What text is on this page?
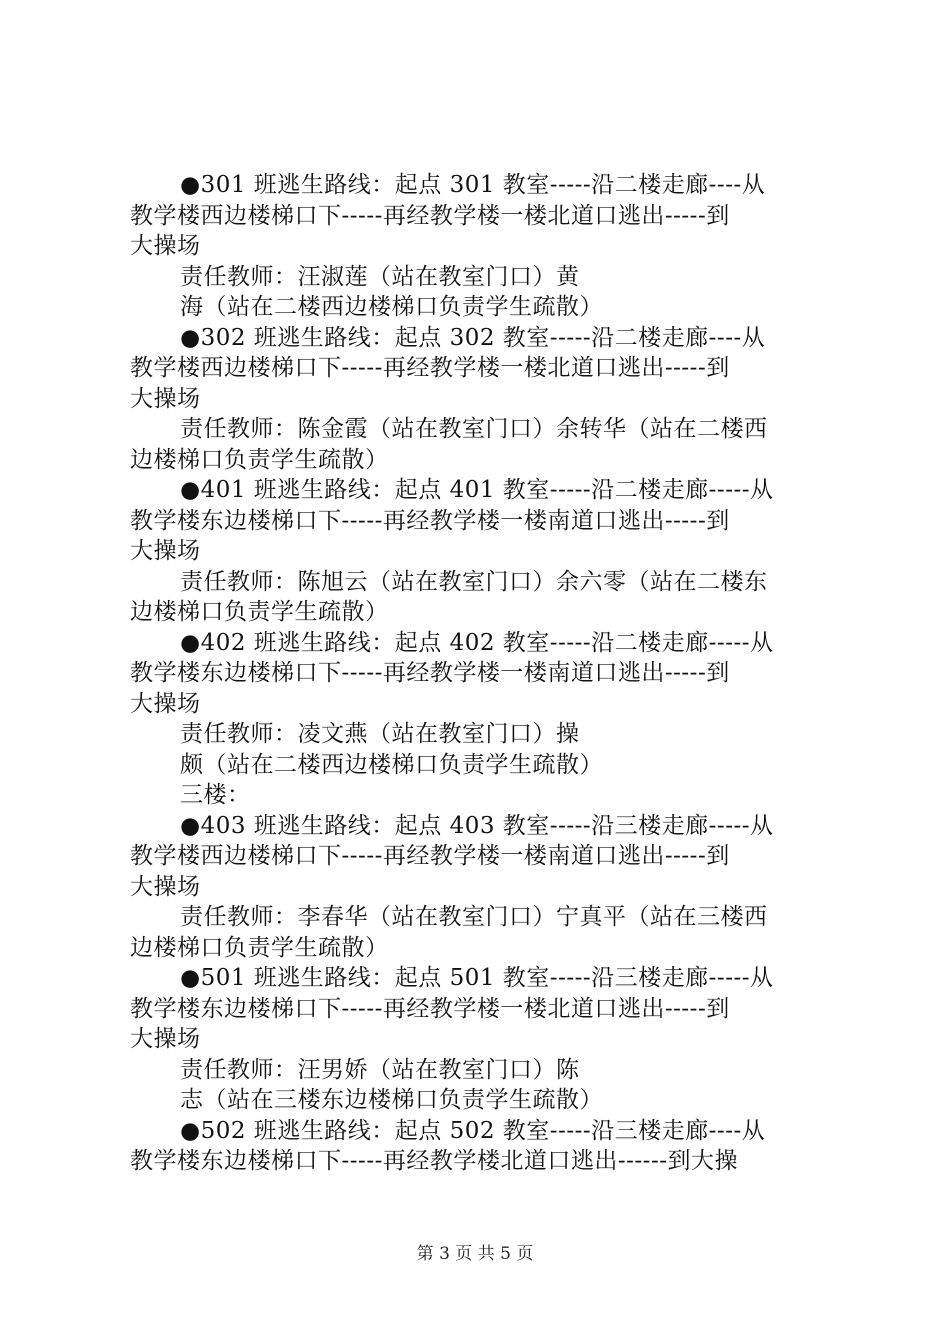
●301 班逃生路线：起点 301 教室-----沿二楼走廊----从
教学楼西边楼梯口下-----再经教学楼一楼北道口逃出-----到
大操场
责任教师：汪淑莲（站在教室门口）黄
海（站在二楼西边楼梯口负责学生疏散）
●302 班逃生路线：起点 302 教室-----沿二楼走廊----从
教学楼西边楼梯口下-----再经教学楼一楼北道口逃出-----到
大操场
责任教师：陈金霞（站在教室门口）余转华（站在二楼西
边楼梯口负责学生疏散）
●401 班逃生路线：起点 401 教室-----沿二楼走廊-----从
教学楼东边楼梯口下-----再经教学楼一楼南道口逃出-----到
大操场
责任教师：陈旭云（站在教室门口）余六零（站在二楼东
边楼梯口负责学生疏散）
●402 班逃生路线：起点 402 教室-----沿二楼走廊-----从
教学楼东边楼梯口下-----再经教学楼一楼南道口逃出-----到
大操场
责任教师：凌文燕（站在教室门口）操
颇（站在二楼西边楼梯口负责学生疏散）
三楼：
●403 班逃生路线：起点 403 教室-----沿三楼走廊-----从
教学楼西边楼梯口下-----再经教学楼一楼南道口逃出-----到
大操场
责任教师：李春华（站在教室门口）宁真平（站在三楼西
边楼梯口负责学生疏散）
●501 班逃生路线：起点 501 教室-----沿三楼走廊-----从
教学楼东边楼梯口下-----再经教学楼一楼北道口逃出-----到
大操场
责任教师：汪男娇（站在教室门口）陈
志（站在三楼东边楼梯口负责学生疏散）
●502 班逃生路线：起点 502 教室-----沿三楼走廊----从
教学楼东边楼梯口下-----再经教学楼北道口逃出------到大操
第 3 页 共 5 页
